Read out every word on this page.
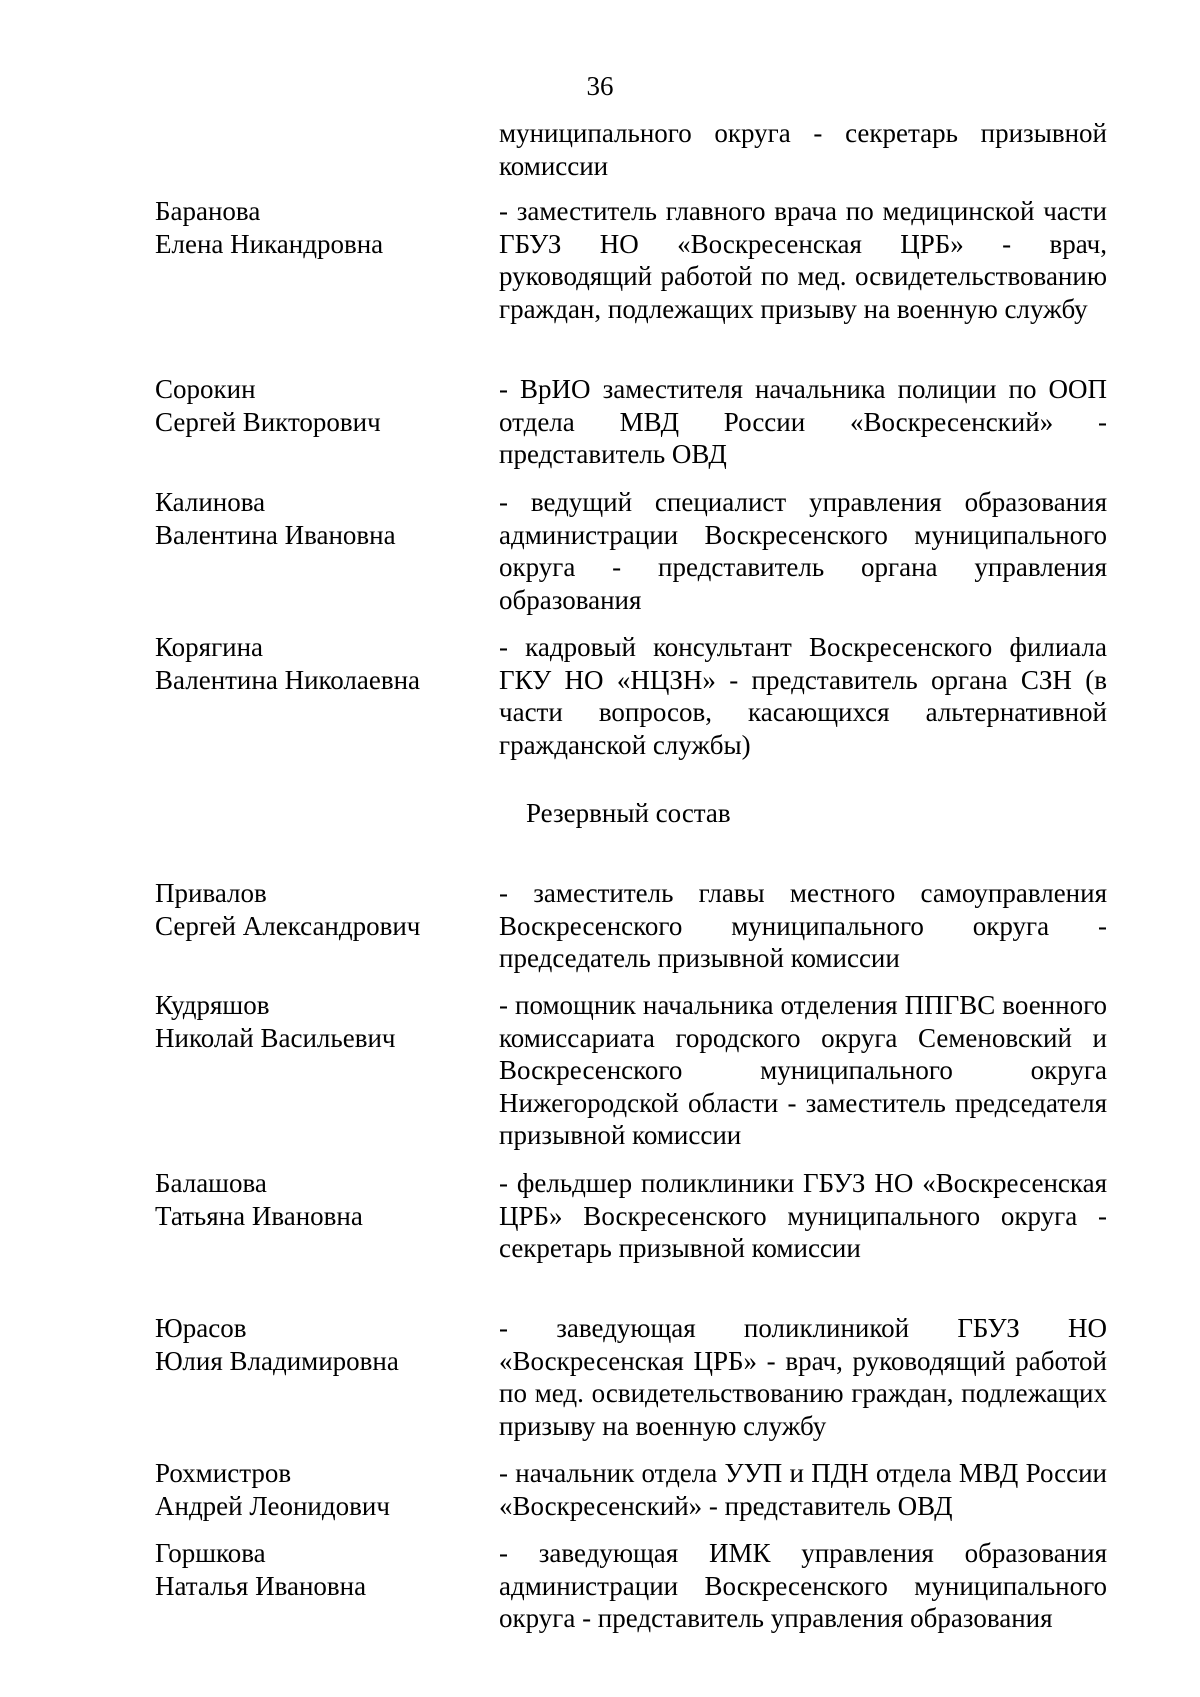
36
муниципального округа - секретарь призывной
комиссии
Баранова
Елена Никандровна
- заместитель главного врача по медицинской части ГБУЗ НО «Воскресенская ЦРБ» - врач, руководящий работой по мед. освидетельствованию граждан, подлежащих призыву на военную службу
Сорокин
Сергей Викторович
- ВрИО заместителя начальника полиции по ООП отдела МВД России «Воскресенский» - представитель ОВД
Калинова
Валентина Ивановна
- ведущий специалист управления образования администрации Воскресенского муниципального округа - представитель органа управления образования
Корягина
Валентина Николаевна
- кадровый консультант Воскресенского филиала ГКУ НО «НЦЗН» - представитель органа СЗН (в части вопросов, касающихся альтернативной гражданской службы)
Резервный состав
Привалов
Сергей Александрович
- заместитель главы местного самоуправления Воскресенского муниципального округа - председатель призывной комиссии
Кудряшов
Николай Васильевич
- помощник начальника отделения ППГВС военного комиссариата городского округа Семеновский и Воскресенского муниципального округа Нижегородской области - заместитель председателя призывной комиссии
Балашова
Татьяна Ивановна
- фельдшер поликлиники ГБУЗ НО «Воскресенская ЦРБ» Воскресенского муниципального округа - секретарь призывной комиссии
Юрасов
Юлия Владимировна
- заведующая поликлиникой ГБУЗ НО «Воскресенская ЦРБ» - врач, руководящий работой по мед. освидетельствованию граждан, подлежащих призыву на военную службу
Рохмистров
Андрей Леонидович
- начальник отдела УУП и ПДН отдела МВД России «Воскресенский» - представитель ОВД
Горшкова
Наталья Ивановна
- заведующая ИМК управления образования администрации Воскресенского муниципального округа - представитель управления образования
